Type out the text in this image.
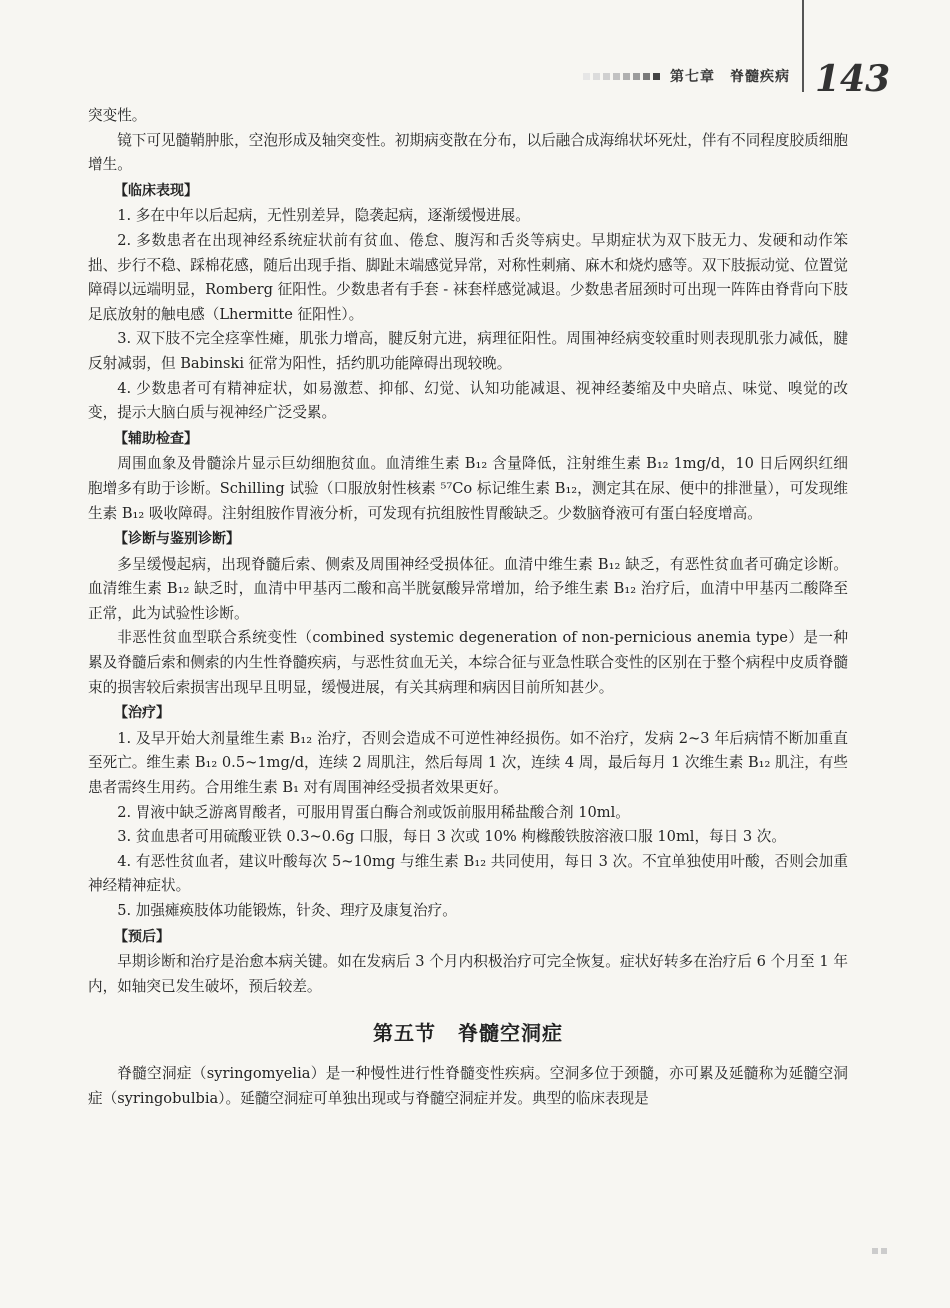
第七章　脊髓疾病 143

突变性。

镜下可见髓鞘肿胀，空泡形成及轴突变性。初期病变散在分布，以后融合成海绵状坏死灶，伴有不同程度胶质细胞增生。

【临床表现】

1. 多在中年以后起病，无性别差异，隐袭起病，逐渐缓慢进展。

2. 多数患者在出现神经系统症状前有贫血、倦怠、腹泻和舌炎等病史。早期症状为双下肢无力、发硬和动作笨拙、步行不稳、踩棉花感，随后出现手指、脚趾末端感觉异常，对称性刺痛、麻木和烧灼感等。双下肢振动觉、位置觉障碍以远端明显，Romberg 征阳性。少数患者有手套 - 袜套样感觉减退。少数患者屈颈时可出现一阵阵由脊背向下肢足底放射的触电感（Lhermitte 征阳性）。

3. 双下肢不完全痉挛性瘫，肌张力增高，腱反射亢进，病理征阳性。周围神经病变较重时则表现肌张力减低，腱反射减弱，但 Babinski 征常为阳性，括约肌功能障碍出现较晚。

4. 少数患者可有精神症状，如易激惹、抑郁、幻觉、认知功能减退、视神经萎缩及中央暗点、味觉、嗅觉的改变，提示大脑白质与视神经广泛受累。

【辅助检查】

周围血象及骨髓涂片显示巨幼细胞贫血。血清维生素 B₁₂ 含量降低，注射维生素 B₁₂ 1mg/d，10 日后网织红细胞增多有助于诊断。Schilling 试验（口服放射性核素 ⁵⁷Co 标记维生素 B₁₂，测定其在尿、便中的排泄量），可发现维生素 B₁₂ 吸收障碍。注射组胺作胃液分析，可发现有抗组胺性胃酸缺乏。少数脑脊液可有蛋白轻度增高。

【诊断与鉴别诊断】

多呈缓慢起病，出现脊髓后索、侧索及周围神经受损体征。血清中维生素 B₁₂ 缺乏，有恶性贫血者可确定诊断。血清维生素 B₁₂ 缺乏时，血清中甲基丙二酸和高半胱氨酸异常增加，给予维生素 B₁₂ 治疗后，血清中甲基丙二酸降至正常，此为试验性诊断。

非恶性贫血型联合系统变性（combined systemic degeneration of non-pernicious anemia type）是一种累及脊髓后索和侧索的内生性脊髓疾病，与恶性贫血无关，本综合征与亚急性联合变性的区别在于整个病程中皮质脊髓束的损害较后索损害出现早且明显，缓慢进展，有关其病理和病因目前所知甚少。

【治疗】

1. 及早开始大剂量维生素 B₁₂ 治疗，否则会造成不可逆性神经损伤。如不治疗，发病 2~3 年后病情不断加重直至死亡。维生素 B₁₂ 0.5~1mg/d，连续 2 周肌注，然后每周 1 次，连续 4 周，最后每月 1 次维生素 B₁₂ 肌注，有些患者需终生用药。合用维生素 B₁ 对有周围神经受损者效果更好。

2. 胃液中缺乏游离胃酸者，可服用胃蛋白酶合剂或饭前服用稀盐酸合剂 10ml。

3. 贫血患者可用硫酸亚铁 0.3~0.6g 口服，每日 3 次或 10% 枸橼酸铁胺溶液口服 10ml，每日 3 次。

4. 有恶性贫血者，建议叶酸每次 5~10mg 与维生素 B₁₂ 共同使用，每日 3 次。不宜单独使用叶酸，否则会加重神经精神症状。

5. 加强瘫痪肢体功能锻炼，针灸、理疗及康复治疗。

【预后】

早期诊断和治疗是治愈本病关键。如在发病后 3 个月内积极治疗可完全恢复。症状好转多在治疗后 6 个月至 1 年内，如轴突已发生破坏，预后较差。

第五节 脊髓空洞症

脊髓空洞症（syringomyelia）是一种慢性进行性脊髓变性疾病。空洞多位于颈髓，亦可累及延髓称为延髓空洞症（syringobulbia）。延髓空洞症可单独出现或与脊髓空洞症并发。典型的临床表现是
